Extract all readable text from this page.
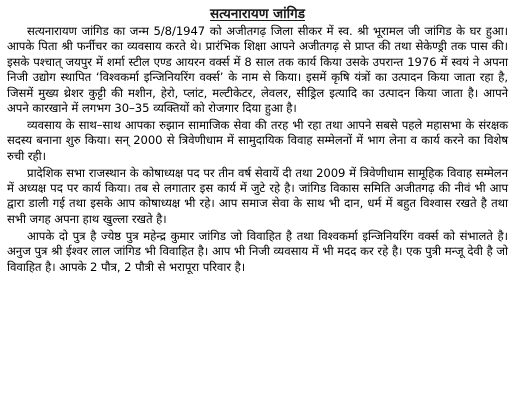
सत्यनारायण जांगिड

सत्यनारायण जांगिड का जन्म 5/8/1947 को अजीतगढ़ जिला सीकर में स्व. श्री भूरामल जी जांगिड के घर हुआ। आपके पिता श्री फर्नीचर का व्यवसाय करते थे। प्रारंभिक शिक्षा आपने अजीतगढ़ से प्राप्त की तथा सेकेण्ड्री तक पास की। इसके पश्चात् जयपुर में शर्मा स्टील एण्ड आयरन वर्क्स में 8 साल तक कार्य किया उसके उपरान्त 1976 में स्वयं ने अपना निजी उद्योग स्थापित ‘विश्वकर्मा इन्जिनियरिंग वर्क्स’ के नाम से किया। इसमें कृषि यंत्रों का उत्पादन किया जाता रहा है, जिसमें मुख्य थ्रेशर कुट्टी की मशीन, हेरो, प्लांट, मल्टीकेटर, लेवलर, सीड्रिल इत्यादि का उत्पादन किया जाता है। आपने अपने कारखाने में लगभग 30–35 व्यक्तियों को रोजगार दिया हुआ है।

व्यवसाय के साथ–साथ आपका रुझान सामाजिक सेवा की तरह भी रहा तथा आपने सबसे पहले महासभा के संरक्षक सदस्य बनाना शुरु किया। सन् 2000 से त्रिवेणीधाम में सामुदायिक विवाह सम्मेलनों में भाग लेना व कार्य करने का विशेष रुची रही।

प्रादेशिक सभा राजस्थान के कोषाध्यक्ष पद पर तीन वर्ष सेवायें दी तथा 2009 में त्रिवेणीधाम सामूहिक विवाह सम्मेलन में अध्यक्ष पद पर कार्य किया। तब से लगातार इस कार्य में जुटे रहे है। जांगिड विकास समिति अजीतगढ़ की नीवं भी आप द्वारा डाली गई तथा इसके आप कोषाध्यक्ष भी रहे। आप समाज सेवा के साथ भी दान, धर्म में बहुत विश्वास रखते है तथा सभी जगह अपना हाथ खुल्ला रखते है।

आपके दो पुत्र है ज्येष्ठ पुत्र महेन्द्र कुमार जांगिड जो विवाहित है तथा विश्वकर्मा इन्जिनियरिंग वर्क्स को संभालते है। अनुज पुत्र श्री ईश्वर लाल जांगिड भी विवाहित है। आप भी निजी व्यवसाय में भी मदद कर रहे है। एक पुत्री मन्जू देवी है जो विवाहित है। आपके 2 पौत्र, 2 पौत्री से भरापूरा परिवार है।
